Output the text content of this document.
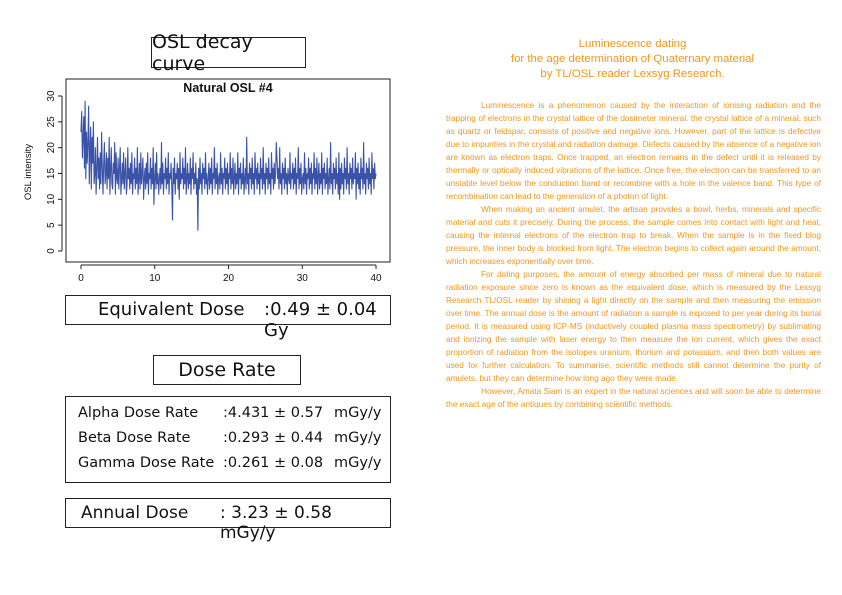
OSL decay curve
Natural OSL #4
OSL intensity
0	10	20	30	40
0
5
10
15
20
25
30
Equivalent Dose :0.49 ± 0.04 Gy
Dose Rate
Alpha Dose Rate :4.431 ± 0.57 mGy/y
Beta Dose Rate :0.293 ± 0.44 mGy/y
Gamma Dose Rate :0.261 ± 0.08 mGy/y
Annual Dose : 3.23 ± 0.58 mGy/y
Luminescence dating
for the age determination of Quaternary material
by TL/OSL reader Lexsyg Research.

Luminescence is a phenomenon caused by the interaction of ionising radiation and the trapping of electrons in the crystal lattice of the dosimeter mineral. the crystal lattice of a mineral, such as quartz or feldspar, consists of positive and negative ions. However, part of the lattice is defective due to impurities in the crystal and radiation damage. Defects caused by the absence of a negative ion are known as electron traps. Once trapped, an electron remains in the defect until it is released by thermally or optically induced vibrations of the lattice. Once free, the electron can be transferred to an unstable level below the conduction band or recombine with a hole in the valence band. This type of recombination can lead to the generation of a photon of light.

When making an ancient amulet, the artisan provides a bowl, herbs, minerals and specific material and cuts it precisely. During the process, the sample comes into contact with light and heat, causing the internal electrons of the electron trap to break. When the sample is in the fixed blog pressure, the inner body is blocked from light. The electron begins to collect again around the amount, which increases exponentially over time.

For dating purposes, the amount of energy absorbed per mass of mineral due to natural radiation exposure since zero is known as the equivalent dose, which is measured by the Lexsyg Research TL/OSL reader by shining a light directly on the sample and then measuring the emission over time. The annual dose is the amount of radiation a sample is exposed to per year during its burial period. It is measured using ICP-MS (inductively coupled plasma mass spectrometry) by sublimating and ionizing the sample with laser energy to then measure the ion current, which gives the exact proportion of radiation from the isotopes uranium, thorium and potassium, and then both values are used for further calculation. To summarise, scientific methods still cannot determine the purity of amulets, but they can determine how long ago they were made.

However, Amata Siam is an expert in the natural sciences and will soon be able to determine the exact age of the antiques by combining scientific methods.
